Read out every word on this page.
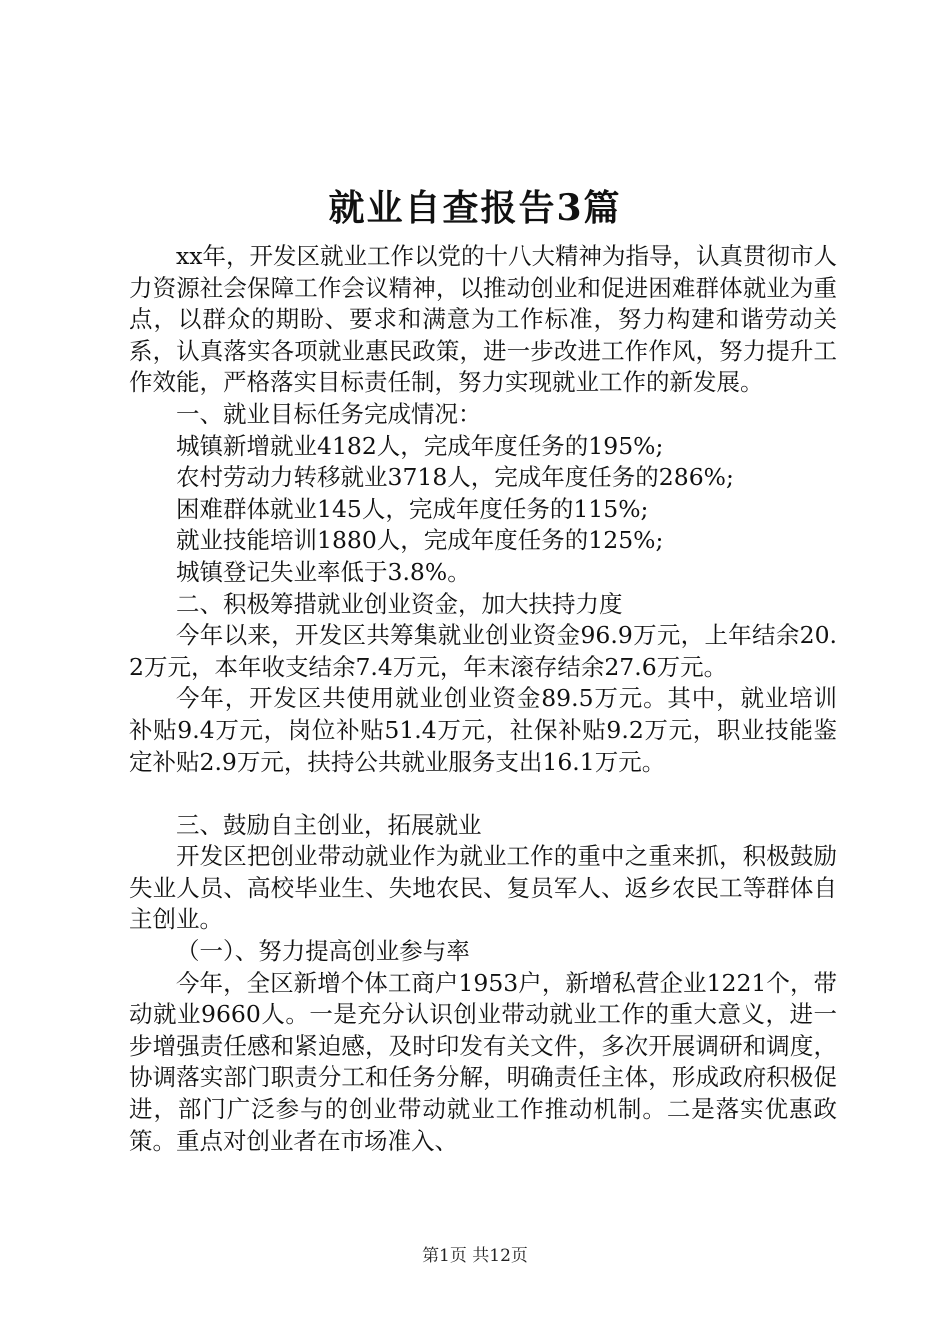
就业自查报告3篇

xx年，开发区就业工作以党的十八大精神为指导，认真贯彻市人力资源社会保障工作会议精神，以推动创业和促进困难群体就业为重点，以群众的期盼、要求和满意为工作标准，努力构建和谐劳动关系，认真落实各项就业惠民政策，进一步改进工作作风，努力提升工作效能，严格落实目标责任制，努力实现就业工作的新发展。

一、就业目标任务完成情况：

城镇新增就业4182人，完成年度任务的195%;

农村劳动力转移就业3718人，完成年度任务的286%;

困难群体就业145人，完成年度任务的115%;

就业技能培训1880人，完成年度任务的125%;

城镇登记失业率低于3.8%。

二、积极筹措就业创业资金，加大扶持力度

今年以来，开发区共筹集就业创业资金96.9万元，上年结余20.2万元，本年收支结余7.4万元，年末滚存结余27.6万元。

今年，开发区共使用就业创业资金89.5万元。其中，就业培训补贴9.4万元，岗位补贴51.4万元，社保补贴9.2万元，职业技能鉴定补贴2.9万元，扶持公共就业服务支出16.1万元。

三、鼓励自主创业，拓展就业

开发区把创业带动就业作为就业工作的重中之重来抓，积极鼓励失业人员、高校毕业生、失地农民、复员军人、返乡农民工等群体自主创业。

（一）、努力提高创业参与率

今年，全区新增个体工商户1953户，新增私营企业1221个，带动就业9660人。一是充分认识创业带动就业工作的重大意义，进一步增强责任感和紧迫感，及时印发有关文件，多次开展调研和调度，协调落实部门职责分工和任务分解，明确责任主体，形成政府积极促进，部门广泛参与的创业带动就业工作推动机制。二是落实优惠政策。重点对创业者在市场准入、

第1页 共12页
